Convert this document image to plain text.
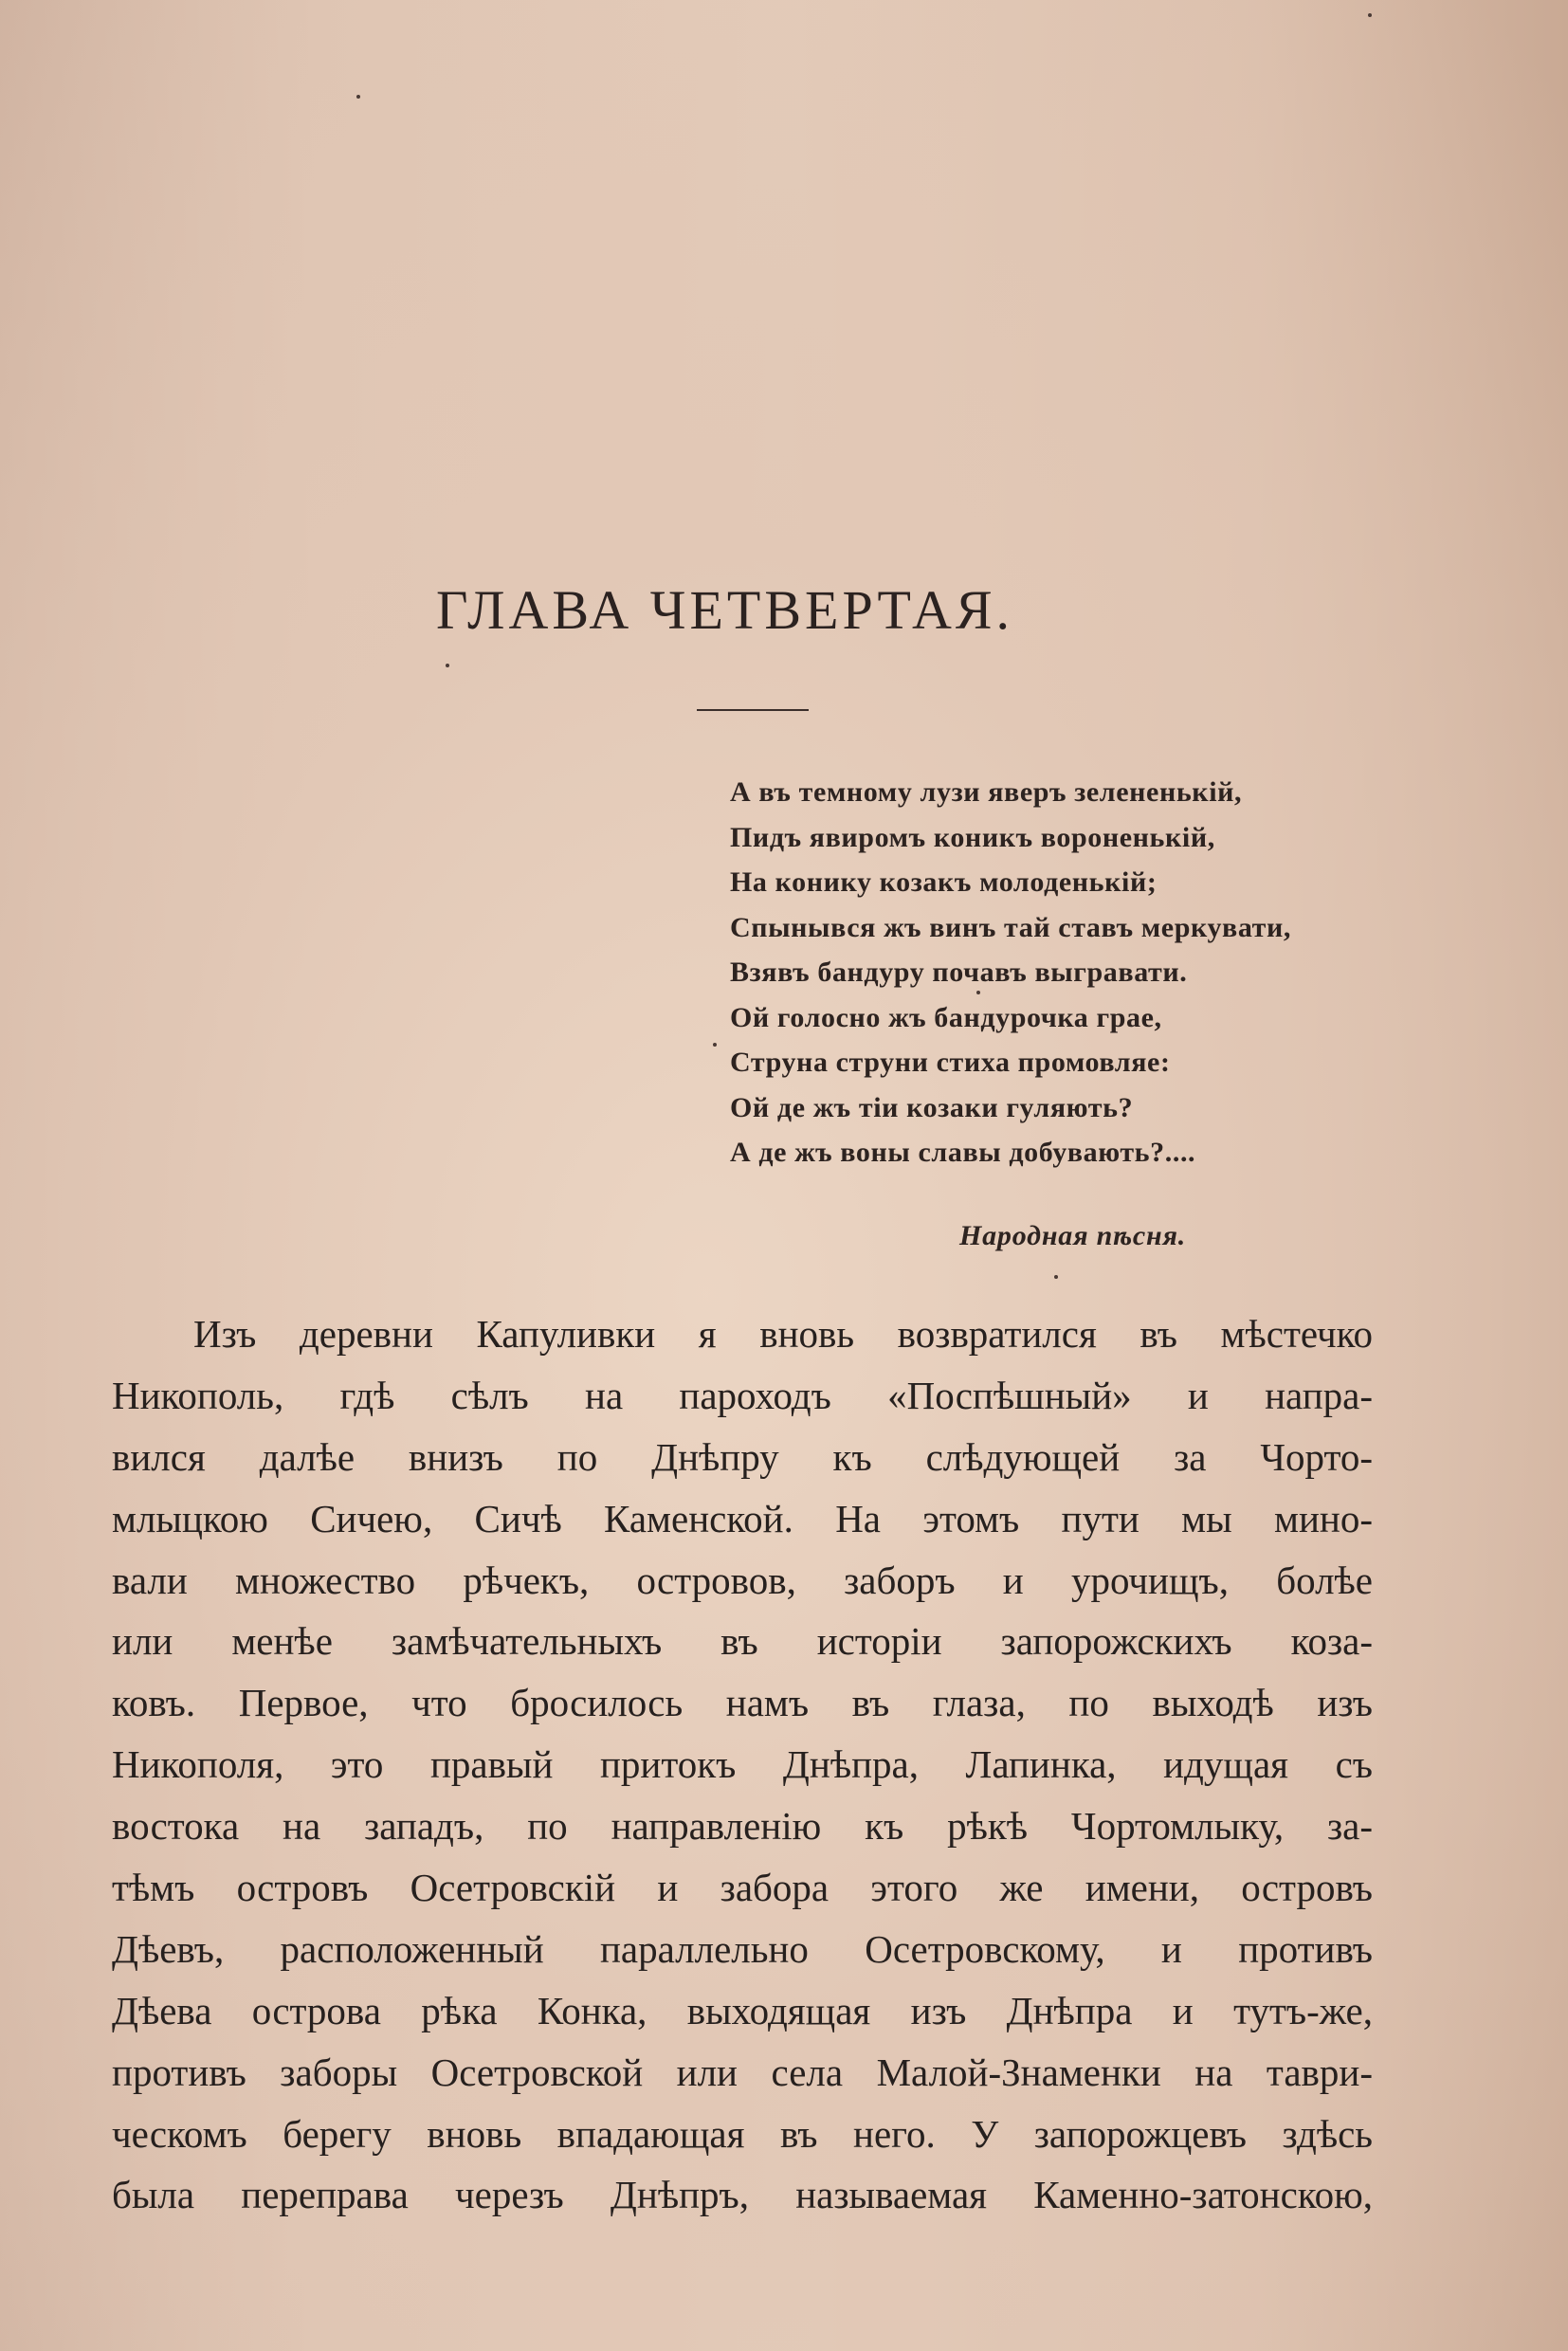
ГЛАВА ЧЕТВЕРТАЯ.
А въ темному лузи яверъ зелененькій,
Пидъ явиромъ коникъ вороненькій,
На конику козакъ молоденькій;
Спынывся жъ винъ тай ставъ меркувати,
Взявъ бандуру почавъ выгравати.
Ой голосно жъ бандурочка грае,
Струна струни стиха промовляе:
Ой де жъ тіи козаки гуляють?
А де жъ воны славы добувають?....
Народная пѣсня.
Изъ деревни Капуливки я вновь возвратился въ мѣстечко
Никополь, гдѣ сѣлъ на пароходъ «Поспѣшный» и напра-
вился далѣе внизъ по Днѣпру къ слѣдующей за Чорто-
млыцкою Сичею, Сичѣ Каменской. На этомъ пути мы мино-
вали множество рѣчекъ, островов, заборъ и урочищъ, болѣе
или менѣе замѣчательныхъ въ исторіи запорожскихъ коза-
ковъ. Первое, что бросилось намъ въ глаза, по выходѣ изъ
Никополя, это правый притокъ Днѣпра, Лапинка, идущая съ
востока на западъ, по направленію къ рѣкѣ Чортомлыку, за-
тѣмъ островъ Осетровскій и забора этого же имени, островъ
Дѣевъ, расположенный параллельно Осетровскому, и противъ
Дѣева острова рѣка Конка, выходящая изъ Днѣпра и тутъ-же,
противъ заборы Осетровской или села Малой-Знаменки на таври-
ческомъ берегу вновь впадающая въ него. У запорожцевъ здѣсь
была переправа черезъ Днѣпръ, называемая Каменно-затонскою,
